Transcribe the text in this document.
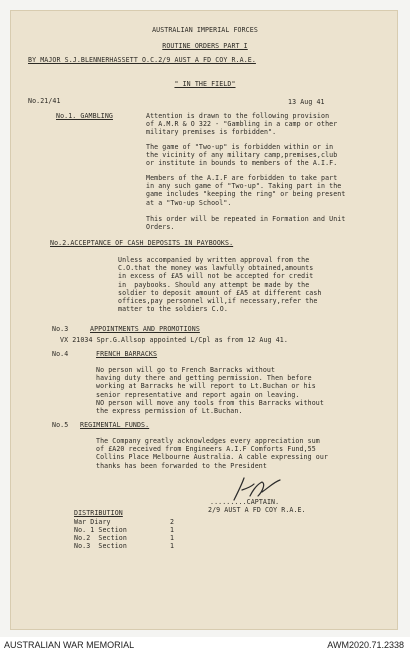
AUSTRALIAN IMPERIAL FORCES
ROUTINE ORDERS PART I
BY MAJOR S.J.BLENNERHASSETT O.C.2/9 AUST A FD COY R.A.E.
" IN THE FIELD"
No.21/41	13 Aug 41
No.1. GAMBLING	Attention is drawn to the following provision
of A.M.R & O 322 - "Gambling in a camp or other
military premises is forbidden".
The game of "Two-up" is forbidden within or in
the vicinity of any military camp,premises,club
or institute in bounds to members of the A.I.F.
Members of the A.I.F are forbidden to take part
in any such game of "Two-up". Taking part in the
game includes "keeping the ring" or being present
at a "Two-up School".
This order will be repeated in Formation and Unit
Orders.
No.2.ACCEPTANCE OF CASH DEPOSITS IN PAYBOOKS.
Unless accompanied by written approval from the
C.O.that the money was lawfully obtained,amounts
in excess of £A5 will not be accepted for credit
in  paybooks. Should any attempt be made by the
soldier to deposit amount of £A5 at different cash
offices,pay personnel will,if necessary,refer the
matter to the soldiers C.O.
No.3	APPOINTMENTS AND PROMOTIONS
VX 21034 Spr.G.Allsop appointed L/Cpl as from 12 Aug 41.
No.4	FRENCH BARRACKS
No person will go to French Barracks without
having duty there and getting permission. Then before
working at Barracks he will report to Lt.Buchan or his
senior representative and report again on leaving.
NO person will move any tools from this Barracks without
the express permission of Lt.Buchan.
No.5 REGIMENTAL FUNDS.
The Company greatly acknowledges every appreciation sum
of £A20 received from Engineers A.I.F Comforts Fund,55
Collins Place Melbourne Australia. A cable expressing our
thanks has been forwarded to the President
.........CAPTAIN.
2/9 AUST A FD COY R.A.E.
DISTRIBUTION
War Diary	2
No. 1 Section	1
No.2  Section	1
No.3  Section	1
AUSTRALIAN WAR MEMORIAL	AWM2020.71.2338
